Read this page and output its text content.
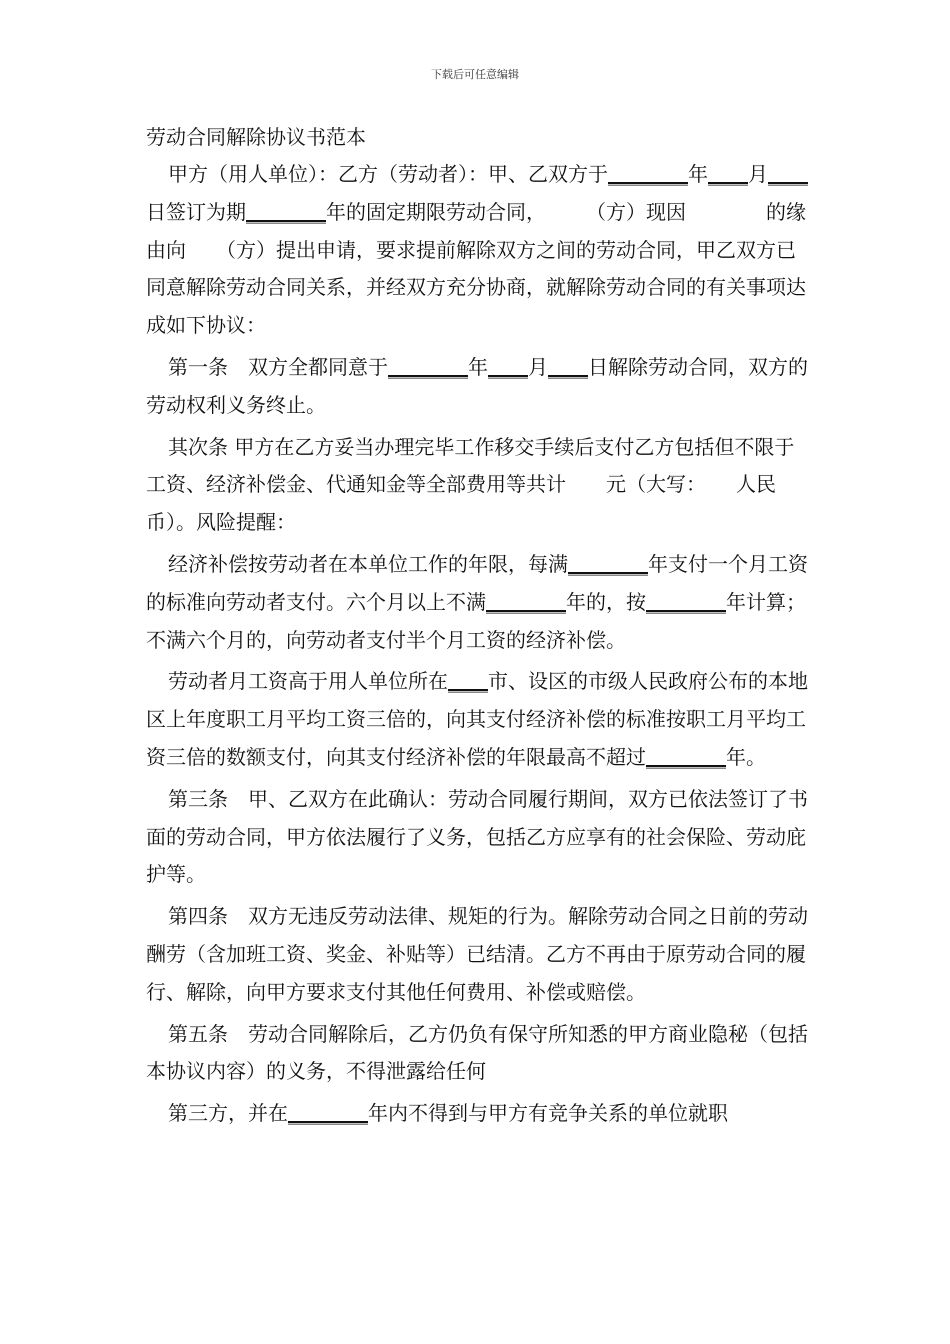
下载后可任意编辑

劳动合同解除协议书范本

甲方（用人单位）：乙方（劳动者）：甲、乙双方于________年____月____日签订为期________年的固定期限劳动合同，　　　（方）现因　　　　的缘由向　　（方）提出申请，要求提前解除双方之间的劳动合同，甲乙双方已同意解除劳动合同关系，并经双方充分协商，就解除劳动合同的有关事项达成如下协议：

第一条　双方全都同意于________年____月____日解除劳动合同，双方的劳动权利义务终止。

其次条 甲方在乙方妥当办理完毕工作移交手续后支付乙方包括但不限于工资、经济补偿金、代通知金等全部费用等共计　　元（大写：　　人民币）。风险提醒：

经济补偿按劳动者在本单位工作的年限，每满________年支付一个月工资的标准向劳动者支付。六个月以上不满________年的，按________年计算；不满六个月的，向劳动者支付半个月工资的经济补偿。

劳动者月工资高于用人单位所在____市、设区的市级人民政府公布的本地区上年度职工月平均工资三倍的，向其支付经济补偿的标准按职工月平均工资三倍的数额支付，向其支付经济补偿的年限最高不超过________年。

第三条　甲、乙双方在此确认：劳动合同履行期间，双方已依法签订了书面的劳动合同，甲方依法履行了义务，包括乙方应享有的社会保险、劳动庇护等。

第四条　双方无违反劳动法律、规矩的行为。解除劳动合同之日前的劳动酬劳（含加班工资、奖金、补贴等）已结清。乙方不再由于原劳动合同的履行、解除，向甲方要求支付其他任何费用、补偿或赔偿。

第五条　劳动合同解除后，乙方仍负有保守所知悉的甲方商业隐秘（包括本协议内容）的义务，不得泄露给任何

第三方，并在________年内不得到与甲方有竞争关系的单位就职
